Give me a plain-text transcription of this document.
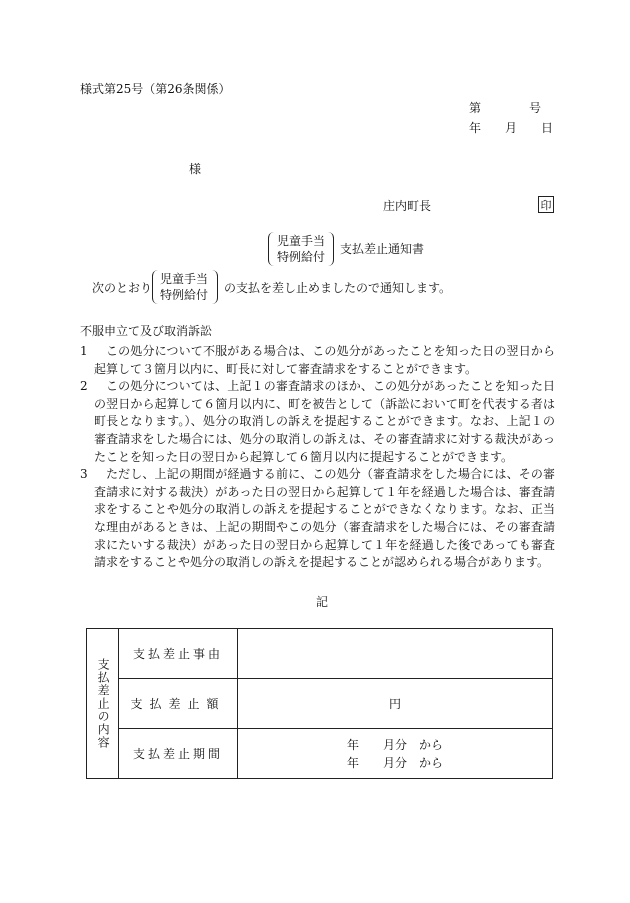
様式第25号（第26条関係）
第　　　　号
年　　月　　日
様
庄内町長	印
児童手当
特例給付
支払差止通知書
次のとおり
児童手当
特例給付 の支払を差し止めましたので通知します。
不服申立て及び取消訴訟
1	この処分について不服がある場合は、この処分があったことを知った日の翌日から起算して３箇月以内に、町長に対して審査請求をすることができます。
2	この処分については、上記１の審査請求のほか、この処分があったことを知った日の翌日から起算して６箇月以内に、町を被告として（訴訟において町を代表する者は町長となります。）、処分の取消しの訴えを提起することができます。なお、上記１の審査請求をした場合には、処分の取消しの訴えは、その審査請求に対する裁決があったことを知った日の翌日から起算して６箇月以内に提起することができます。
3	ただし、上記の期間が経過する前に、この処分（審査請求をした場合には、その審査請求に対する裁決）があった日の翌日から起算して１年を経過した場合は、審査請求をすることや処分の取消しの訴えを提起することができなくなります。なお、正当な理由があるときは、上記の期間やこの処分（審査請求をした場合には、その審査請求にたいする裁決）があった日の翌日から起算して１年を経過した後であっても審査請求をすることや処分の取消しの訴えを提起することが認められる場合があります。
記
支払差止の内容	支払差止事由	
	支払差止額	円
	支払差止期間	年　　月分　から
年　　月分　から
